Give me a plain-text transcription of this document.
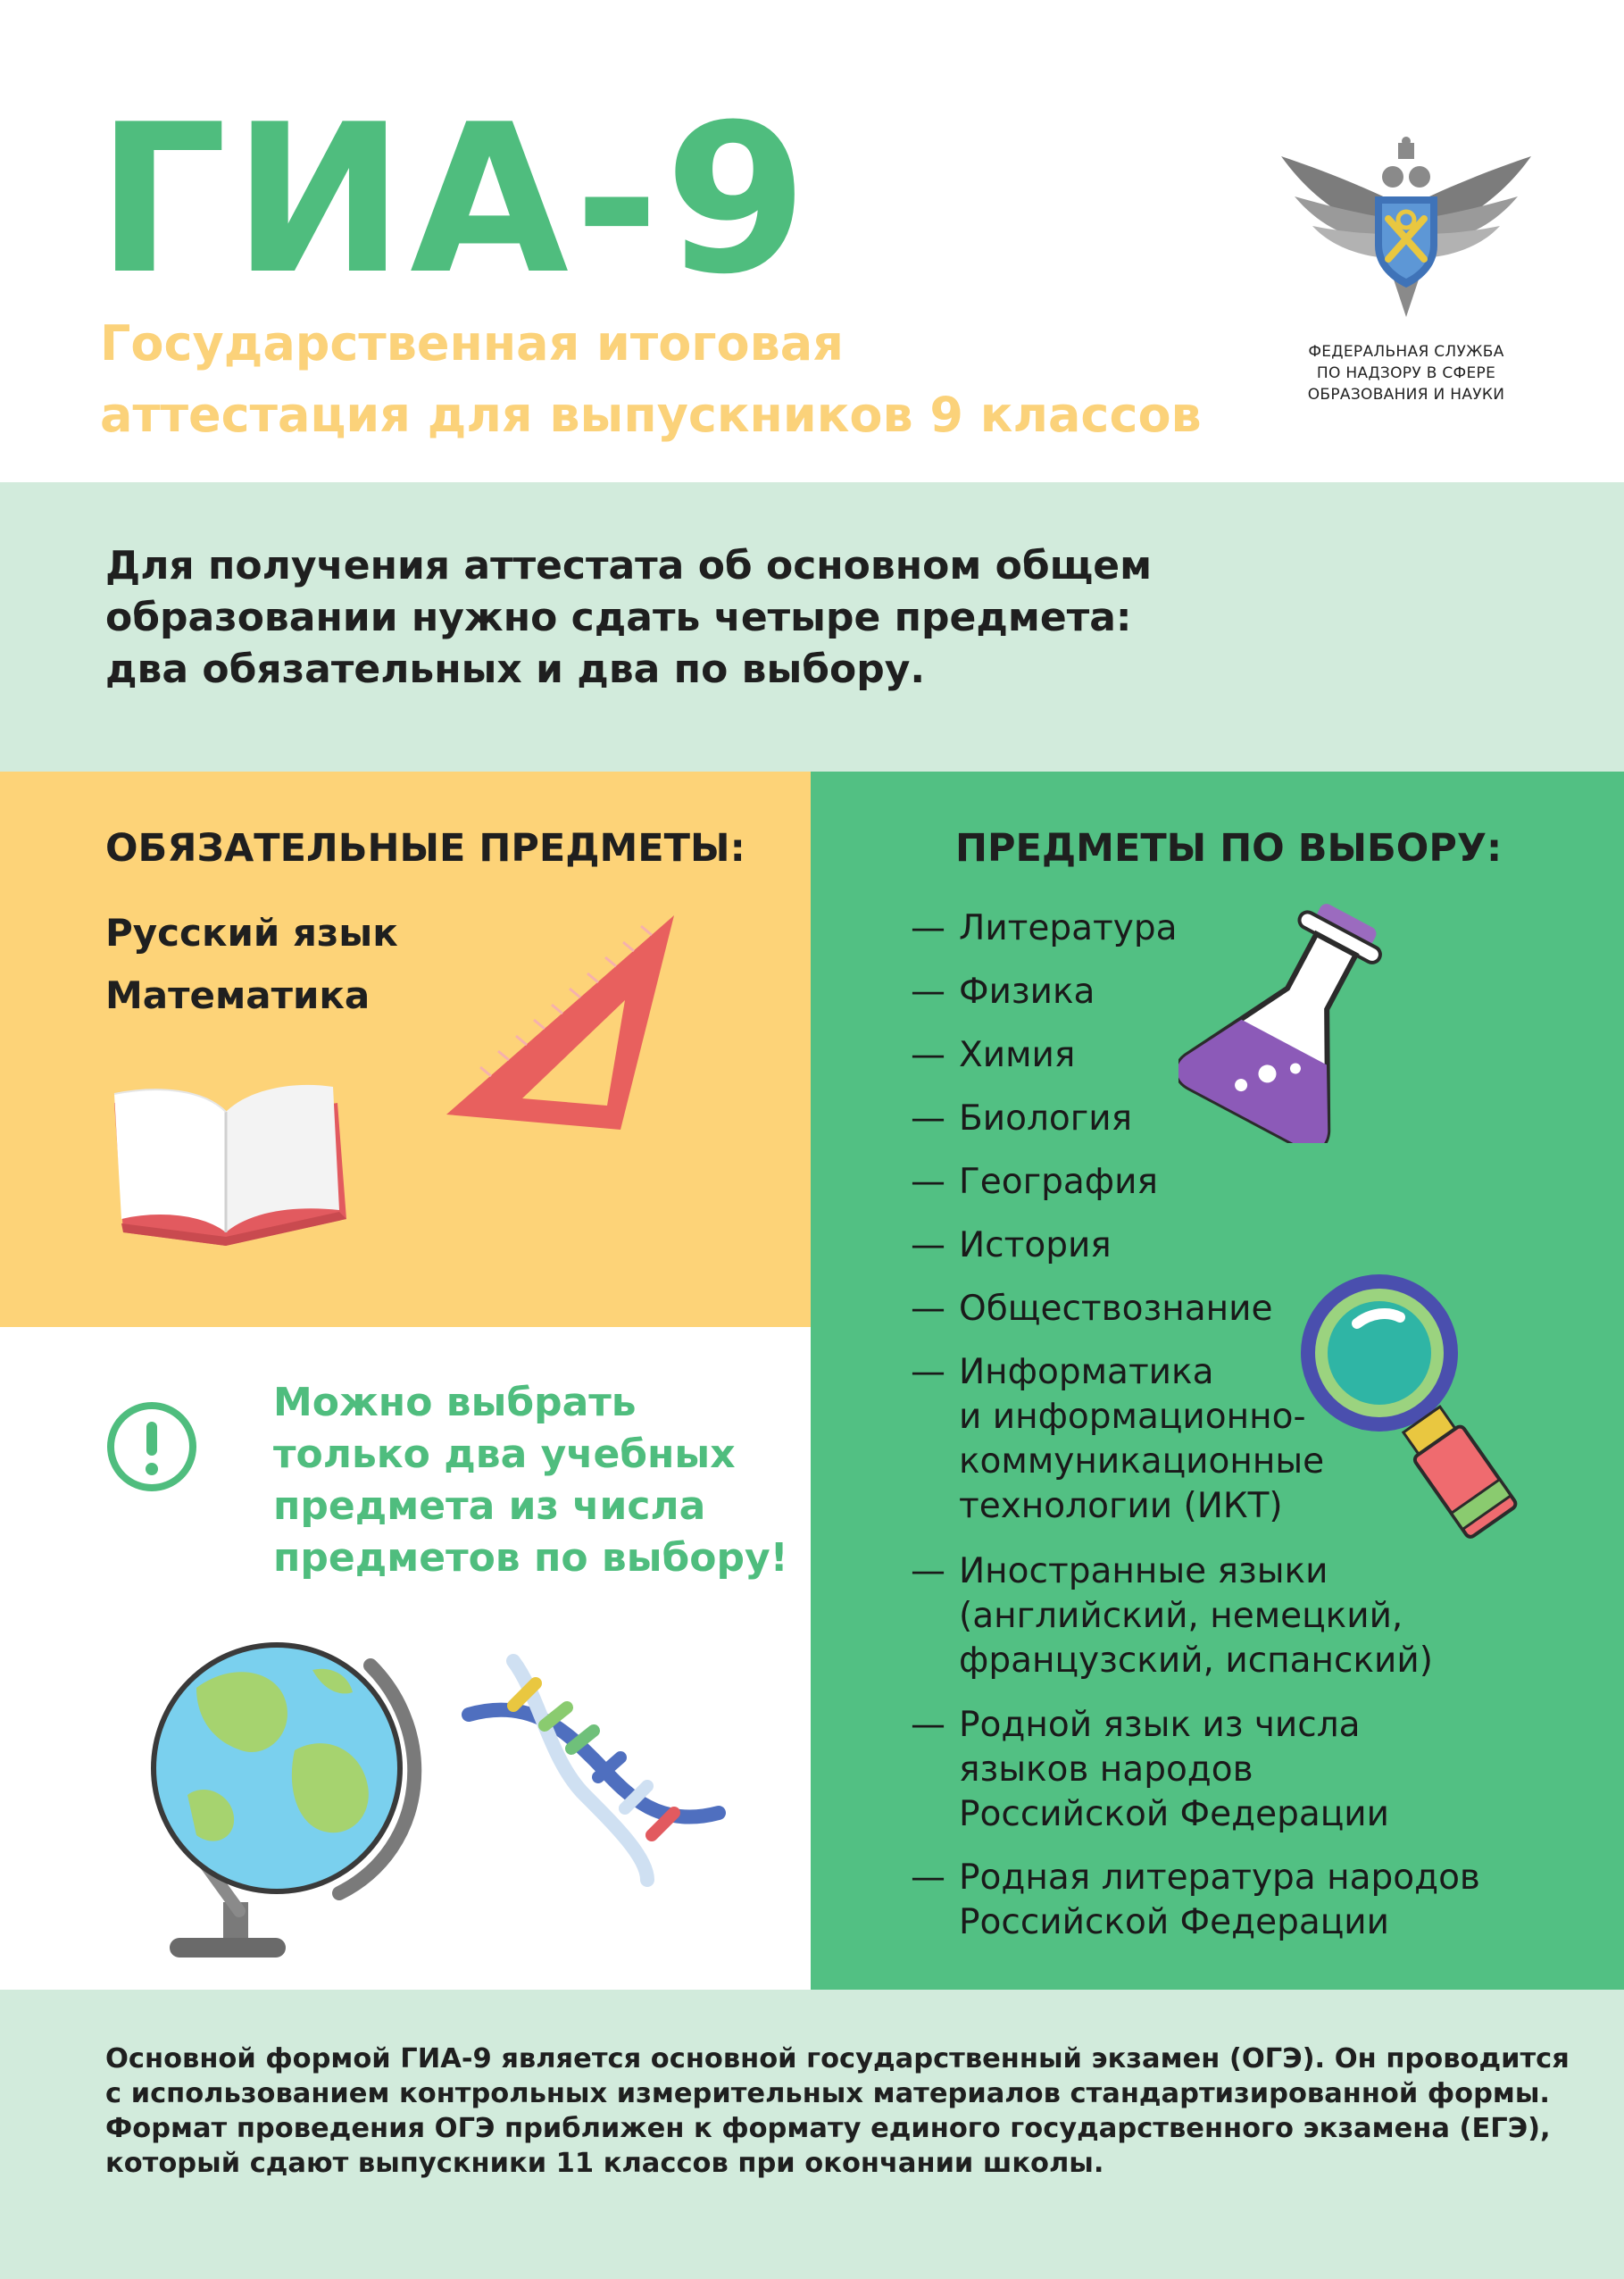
ГИА-9
Государственная итоговая
аттестация для выпускников 9 классов
ФЕДЕРАЛЬНАЯ СЛУЖБА
ПО НАДЗОРУ В СФЕРЕ
ОБРАЗОВАНИЯ И НАУКИ
Для получения аттестата об основном общем
образовании нужно сдать четыре предмета:
два обязательных и два по выбору.
ОБЯЗАТЕЛЬНЫЕ ПРЕДМЕТЫ:
Русский язык
Математика
ПРЕДМЕТЫ ПО ВЫБОРУ:
— Литература
— Физика
— Химия
— Биология
— География
— История
— Обществознание
— Информатика
и информационно-
коммуникационные
технологии (ИКТ)
— Иностранные языки
(английский, немецкий,
французский, испанский)
— Родной язык из числа
языков народов
Российской Федерации
— Родная литература народов
Российской Федерации
Можно выбрать
только два учебных
предмета из числа
предметов по выбору!
Основной формой ГИА-9 является основной государственный экзамен (ОГЭ). Он проводится
с использованием контрольных измерительных материалов стандартизированной формы.
Формат проведения ОГЭ приближен к формату единого государственного экзамена (ЕГЭ),
который сдают выпускники 11 классов при окончании школы.
